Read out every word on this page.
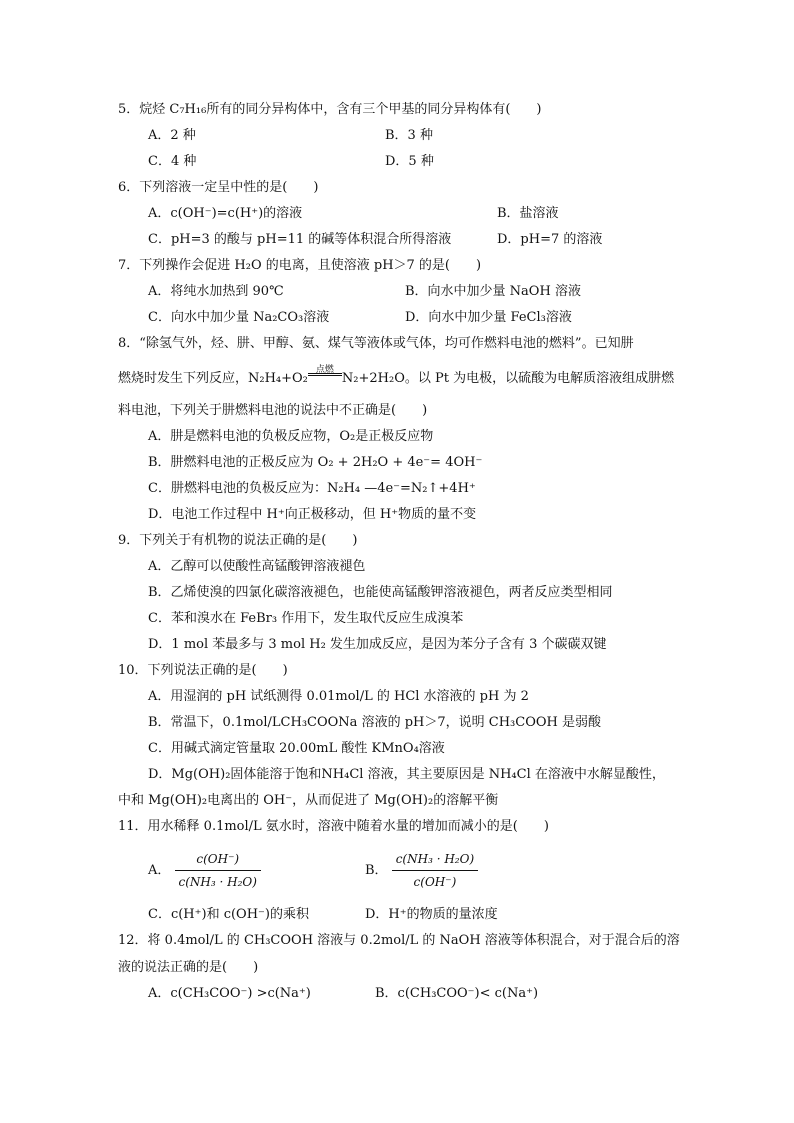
5．烷烃 C₇H₁₆所有的同分异构体中，含有三个甲基的同分异构体有(　　)
A．2 种	B．3 种
C．4 种	D．5 种
6．下列溶液一定呈中性的是(　　)
A．c(OH⁻)=c(H⁺)的溶液	B．盐溶液
C．pH=3 的酸与 pH=11 的碱等体积混合所得溶液	D．pH=7 的溶液
7．下列操作会促进 H₂O 的电离，且使溶液 pH＞7 的是(　　)
A．将纯水加热到 90℃	B．向水中加少量 NaOH 溶液
C．向水中加少量 Na₂CO₃溶液	D．向水中加少量 FeCl₃溶液
8．“除氢气外，烃、肼、甲醇、氨、煤气等液体或气体，均可作燃料电池的燃料”。已知肼
燃烧时发生下列反应，N₂H₄+O₂
点燃
N₂+2H₂O。以 Pt 为电极，以硫酸为电解质溶液组成肼燃
料电池，下列关于肼燃料电池的说法中不正确是(　　)
A．肼是燃料电池的负极反应物，O₂是正极反应物
B．肼燃料电池的正极反应为 O₂ + 2H₂O + 4e⁻= 4OH⁻
C．肼燃料电池的负极反应为：N₂H₄ —4e⁻=N₂↑+4H⁺
D．电池工作过程中 H⁺向正极移动，但 H⁺物质的量不变
9．下列关于有机物的说法正确的是(　　)
A．乙醇可以使酸性高锰酸钾溶液褪色
B．乙烯使溴的四氯化碳溶液褪色，也能使高锰酸钾溶液褪色，两者反应类型相同
C．苯和溴水在 FeBr₃ 作用下，发生取代反应生成溴苯
D．1 mol 苯最多与 3 mol H₂ 发生加成反应，是因为苯分子含有 3 个碳碳双键
10．下列说法正确的是(　　)
A．用湿润的 pH 试纸测得 0.01mol/L 的 HCl 水溶液的 pH 为 2
B．常温下，0.1mol/LCH₃COONa 溶液的 pH＞7，说明 CH₃COOH 是弱酸
C．用碱式滴定管量取 20.00mL 酸性 KMnO₄溶液
D．Mg(OH)₂固体能溶于饱和NH₄Cl 溶液，其主要原因是 NH₄Cl 在溶液中水解显酸性，
中和 Mg(OH)₂电离出的 OH⁻，从而促进了 Mg(OH)₂的溶解平衡
11．用水稀释 0.1mol/L 氨水时，溶液中随着水量的增加而减小的是(　　)
A． $\frac{c(OH^-)}{\text{c(NH₃ · H₂O)}}$	B． $\frac{\text{c(NH₃ · H₂O)}}{c(OH^-)}$
C．c(H⁺)和 c(OH⁻)的乘积	D．H⁺的物质的量浓度
12．将 0.4mol/L 的 CH₃COOH 溶液与 0.2mol/L 的 NaOH 溶液等体积混合，对于混合后的溶
液的说法正确的是(　　)
A．c(CH₃COO⁻) >c(Na⁺)	B．c(CH₃COO⁻)< c(Na⁺)
